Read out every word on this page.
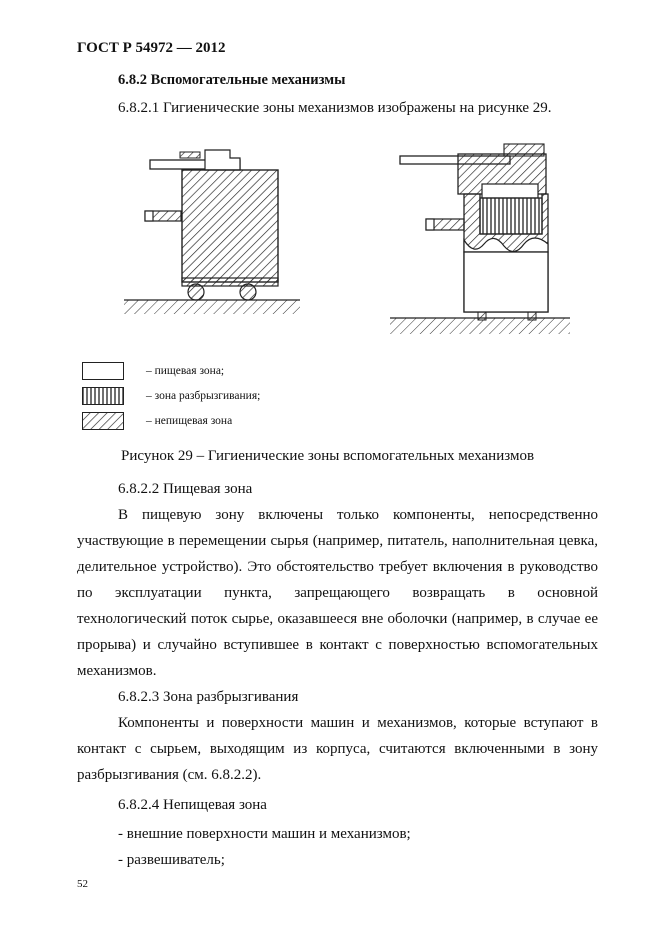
ГОСТ Р 54972 — 2012
6.8.2 Вспомогательные механизмы
6.8.2.1 Гигиенические зоны механизмов изображены на рисунке 29.
– пищевая зона;
– зона разбрызгивания;
– непищевая зона
Рисунок 29 – Гигиенические зоны вспомогательных механизмов
6.8.2.2 Пищевая зона
В пищевую зону включены только компоненты, непосредственно участвующие в перемещении сырья (например, питатель, наполнительная цевка, делительное устройство). Это обстоятельство требует включения в руководство по эксплуатации пункта, запрещающего возвращать в основной технологический поток сырье, оказавшееся вне оболочки (например, в случае ее прорыва) и случайно вступившее в контакт с поверхностью вспомогательных механизмов.
6.8.2.3 Зона разбрызгивания
Компоненты и поверхности машин и механизмов, которые вступают в контакт с сырьем, выходящим из корпуса, считаются включенными в зону разбрызгивания (см. 6.8.2.2).
6.8.2.4 Непищевая зона
- внешние поверхности машин и механизмов;
- развешиватель;
52
